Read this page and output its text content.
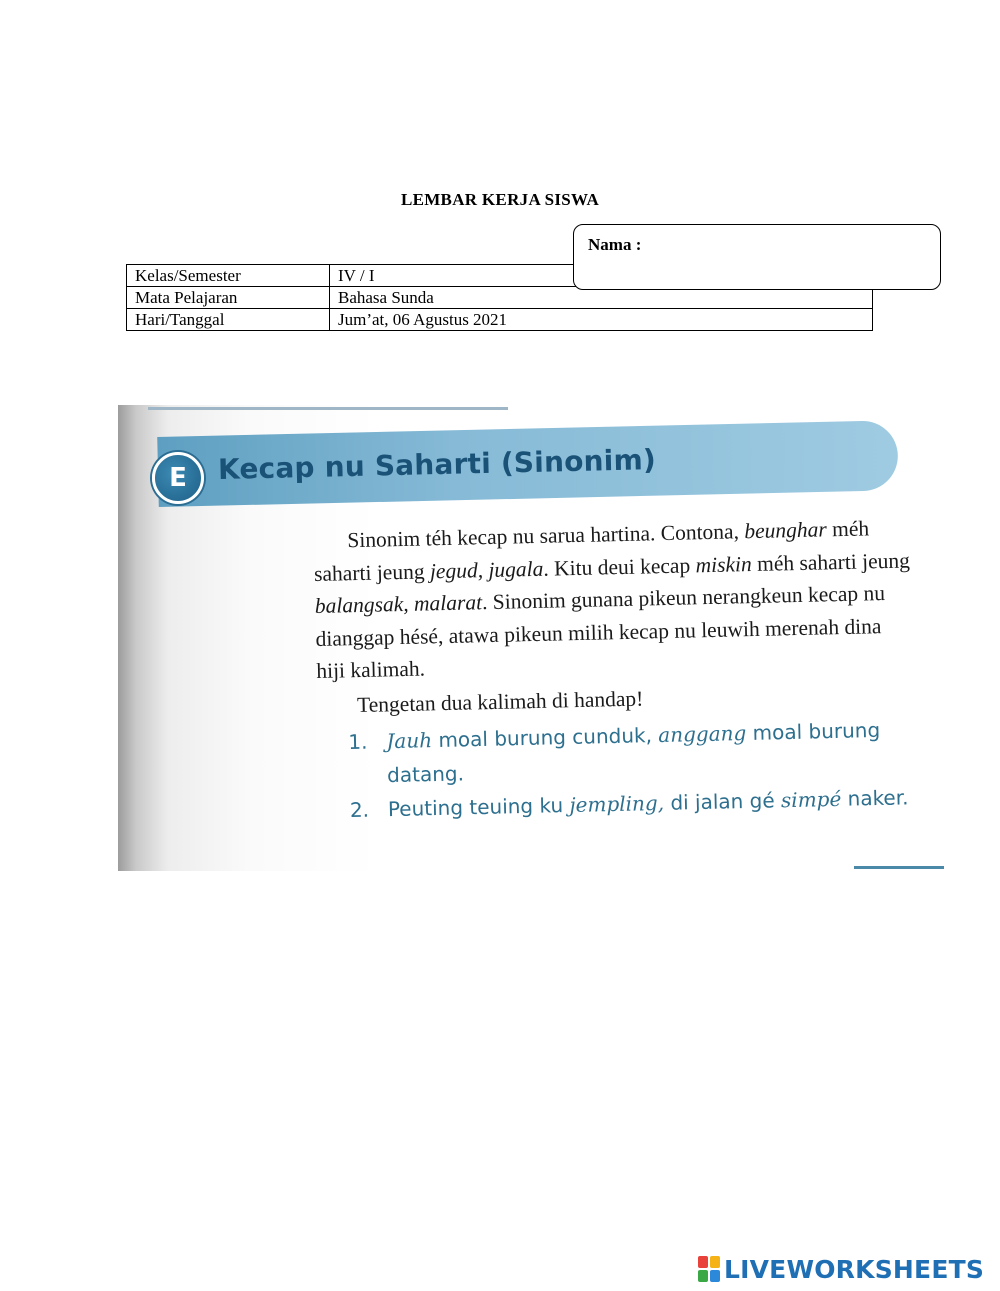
LEMBAR KERJA SISWA
Kelas/Semester	IV / I
Mata Pelajaran	Bahasa Sunda
Hari/Tanggal	Jum’at, 06 Agustus 2021
Nama :
E	Kecap nu Saharti (Sinonim)

Sinonim téh kecap nu sarua hartina. Contona, beunghar méh saharti jeung jegud, jugala. Kitu deui kecap miskin méh saharti jeung balangsak, malarat. Sinonim gunana pikeun nerangkeun kecap nu dianggap hésé, atawa pikeun milih kecap nu leuwih merenah dina hiji kalimah.

Tengetan dua kalimah di handap!

1. Jauh moal burung cunduk, anggang moal burung datang.
2. Peuting teuing ku jempling, di jalan gé simpé naker.
LIVEWORKSHEETS
